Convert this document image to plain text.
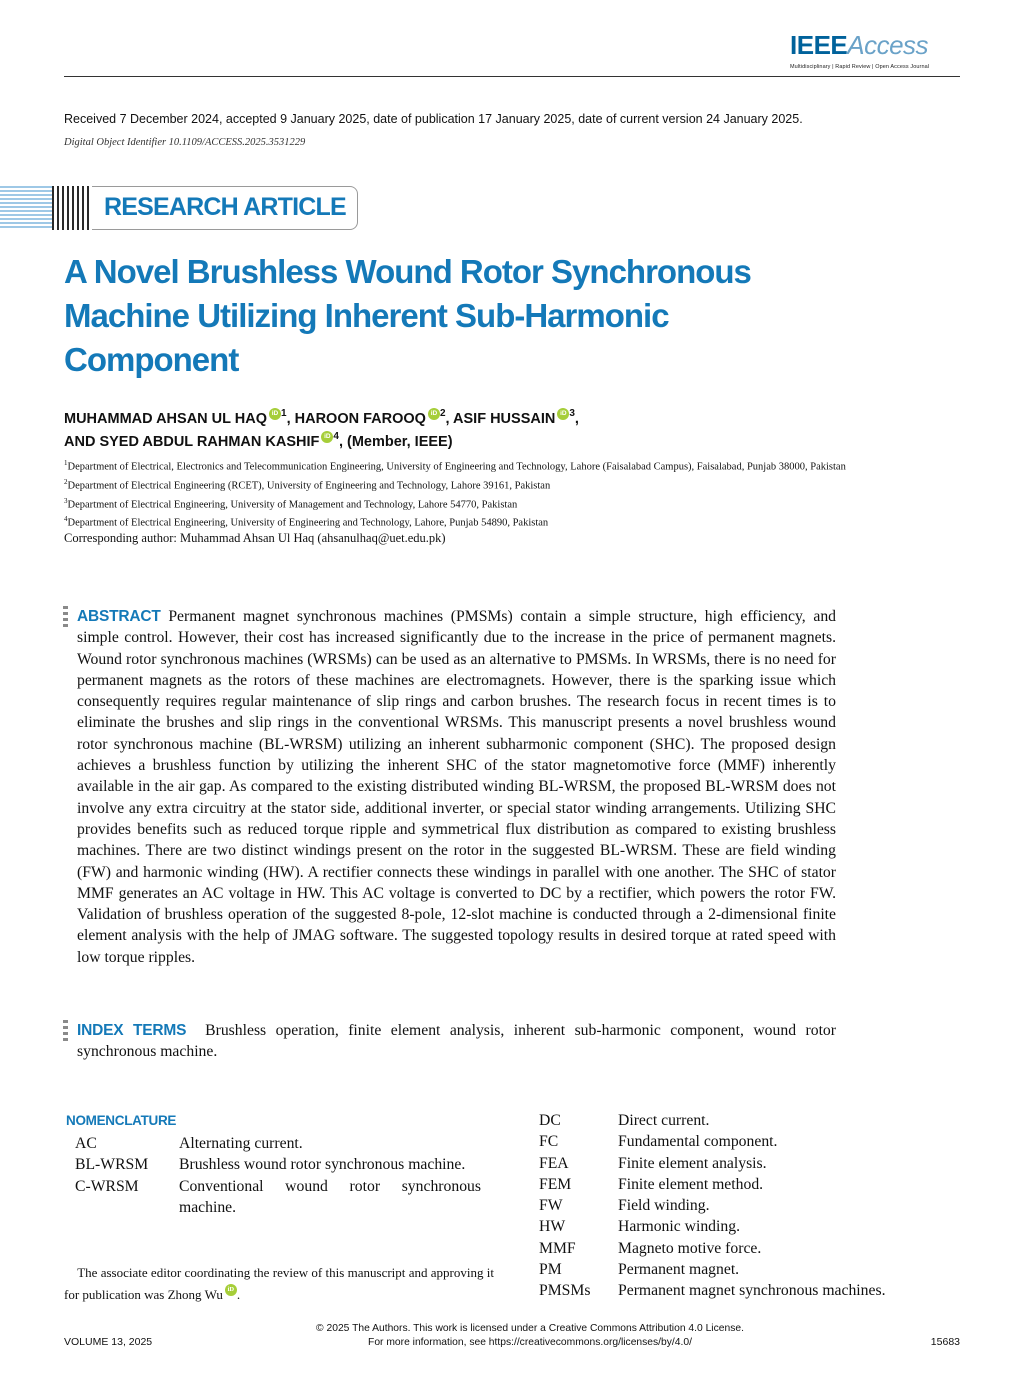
IEEEAccess
Multidisciplinary | Rapid Review | Open Access Journal
Received 7 December 2024, accepted 9 January 2025, date of publication 17 January 2025, date of current version 24 January 2025.
Digital Object Identifier 10.1109/ACCESS.2025.3531229
RESEARCH ARTICLE
A Novel Brushless Wound Rotor Synchronous Machine Utilizing Inherent Sub-Harmonic Component
MUHAMMAD AHSAN UL HAQ iD $^1$, HAROON FAROOQ iD $^2$, ASIF HUSSAIN iD $^3$,
AND SYED ABDUL RAHMAN KASHIF iD $^4$, (Member, IEEE)
$^1$Department of Electrical, Electronics and Telecommunication Engineering, University of Engineering and Technology, Lahore (Faisalabad Campus), Faisalabad, Punjab 38000, Pakistan
$^2$Department of Electrical Engineering (RCET), University of Engineering and Technology, Lahore 39161, Pakistan
$^3$Department of Electrical Engineering, University of Management and Technology, Lahore 54770, Pakistan
$^4$Department of Electrical Engineering, University of Engineering and Technology, Lahore, Punjab 54890, Pakistan
Corresponding author: Muhammad Ahsan Ul Haq (ahsanulhaq@uet.edu.pk)

ABSTRACT Permanent magnet synchronous machines (PMSMs) contain a simple structure, high efficiency, and simple control. However, their cost has increased significantly due to the increase in the price of permanent magnets. Wound rotor synchronous machines (WRSMs) can be used as an alternative to PMSMs. In WRSMs, there is no need for permanent magnets as the rotors of these machines are electromagnets. However, there is the sparking issue which consequently requires regular maintenance of slip rings and carbon brushes. The research focus in recent times is to eliminate the brushes and slip rings in the conventional WRSMs. This manuscript presents a novel brushless wound rotor synchronous machine (BL-WRSM) utilizing an inherent subharmonic component (SHC). The proposed design achieves a brushless function by utilizing the inherent SHC of the stator magnetomotive force (MMF) inherently available in the air gap. As compared to the existing distributed winding BL-WRSM, the proposed BL-WRSM does not involve any extra circuitry at the stator side, additional inverter, or special stator winding arrangements. Utilizing SHC provides benefits such as reduced torque ripple and symmetrical flux distribution as compared to existing brushless machines. There are two distinct windings present on the rotor in the suggested BL-WRSM. These are field winding (FW) and harmonic winding (HW). A rectifier connects these windings in parallel with one another. The SHC of stator MMF generates an AC voltage in HW. This AC voltage is converted to DC by a rectifier, which powers the rotor FW. Validation of brushless operation of the suggested 8-pole, 12-slot machine is conducted through a 2-dimensional finite element analysis with the help of JMAG software. The suggested topology results in desired torque at rated speed with low torque ripples.

INDEX TERMS Brushless operation, finite element analysis, inherent sub-harmonic component, wound rotor synchronous machine.

NOMENCLATURE
AC	Alternating current.
BL-WRSM	Brushless wound rotor synchronous machine.
C-WRSM	Conventional wound rotor synchronous machine.
DC	Direct current.
FC	Fundamental component.
FEA	Finite element analysis.
FEM	Finite element method.
FW	Field winding.
HW	Harmonic winding.
MMF	Magneto motive force.
PM	Permanent magnet.
PMSMs	Permanent magnet synchronous machines.

The associate editor coordinating the review of this manuscript and approving it for publication was Zhong Wu iD .

VOLUME 13, 2025
© 2025 The Authors. This work is licensed under a Creative Commons Attribution 4.0 License.
For more information, see https://creativecommons.org/licenses/by/4.0/	15683
